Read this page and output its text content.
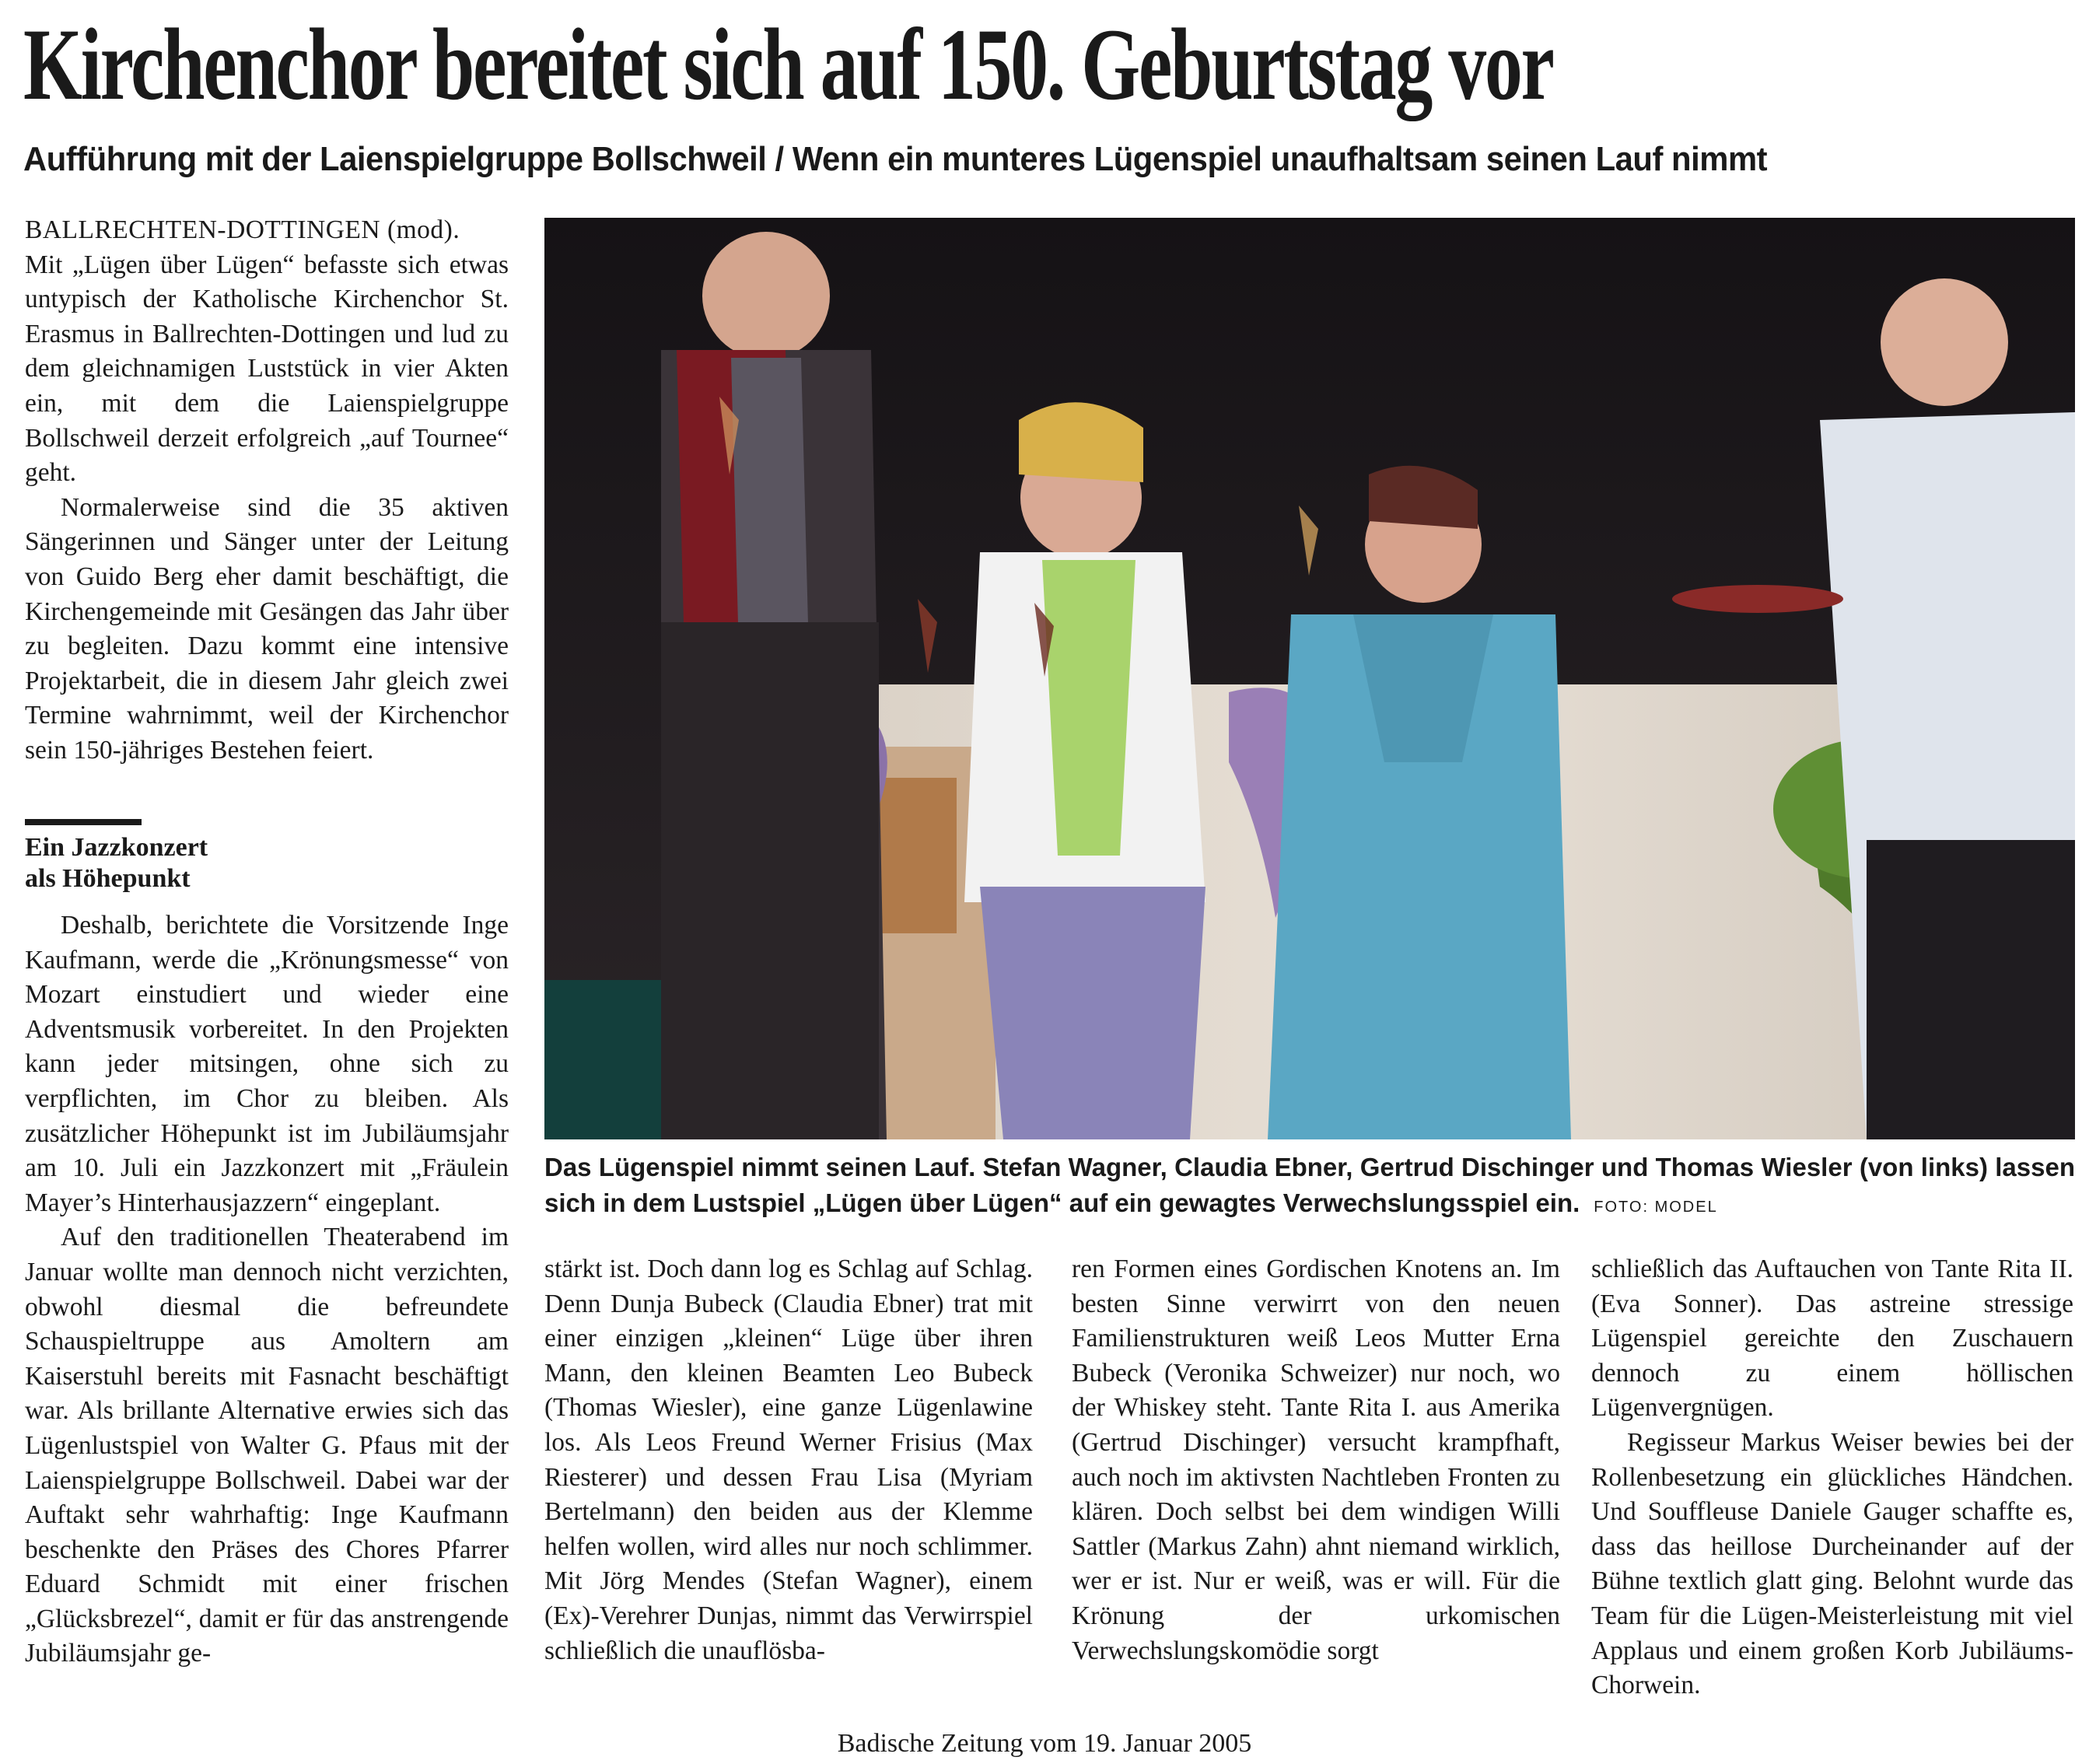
Kirchenchor bereitet sich auf 150. Geburtstag vor
Aufführung mit der Laienspielgruppe Bollschweil / Wenn ein munteres Lügenspiel unaufhaltsam seinen Lauf nimmt

BALLRECHTEN-DOTTINGEN (mod).

Mit „Lügen über Lügen“ befasste sich etwas untypisch der Katholische Kirchenchor St. Erasmus in Ballrechten-Dottingen und lud zu dem gleichnamigen Luststück in vier Akten ein, mit dem die Laienspielgruppe Bollschweil derzeit erfolgreich „auf Tournee“ geht.

Normalerweise sind die 35 aktiven Sängerinnen und Sänger unter der Leitung von Guido Berg eher damit beschäftigt, die Kirchengemeinde mit Gesängen das Jahr über zu begleiten. Dazu kommt eine intensive Projektarbeit, die in diesem Jahr gleich zwei Termine wahrnimmt, weil der Kirchenchor sein 150-jähriges Bestehen feiert.

Ein Jazzkonzert
als Höhepunkt

Deshalb, berichtete die Vorsitzende Inge Kaufmann, werde die „Krönungsmesse“ von Mozart einstudiert und wieder eine Adventsmusik vorbereitet. In den Projekten kann jeder mitsingen, ohne sich zu verpflichten, im Chor zu bleiben. Als zusätzlicher Höhepunkt ist im Jubiläumsjahr am 10. Juli ein Jazzkonzert mit „Fräulein Mayer’s Hinterhausjazzern“ eingeplant.

Auf den traditionellen Theaterabend im Januar wollte man dennoch nicht verzichten, obwohl diesmal die befreundete Schauspieltruppe aus Amoltern am Kaiserstuhl bereits mit Fasnacht beschäftigt war. Als brillante Alternative erwies sich das Lügenlustspiel von Walter G. Pfaus mit der Laienspielgruppe Bollschweil. Dabei war der Auftakt sehr wahrhaftig: Inge Kaufmann beschenkte den Präses des Chores Pfarrer Eduard Schmidt mit einer frischen „Glücksbrezel“, damit er für das anstrengende Jubiläumsjahr ge-

Das Lügenspiel nimmt seinen Lauf. Stefan Wagner, Claudia Ebner, Gertrud Dischinger und Thomas Wiesler (von links) lassen sich in dem Lustspiel „Lügen über Lügen“ auf ein gewagtes Verwechslungsspiel ein. FOTO: MODEL

stärkt ist. Doch dann log es Schlag auf Schlag. Denn Dunja Bubeck (Claudia Ebner) trat mit einer einzigen „kleinen“ Lüge über ihren Mann, den kleinen Beamten Leo Bubeck (Thomas Wiesler), eine ganze Lügenlawine los. Als Leos Freund Werner Frisius (Max Riesterer) und dessen Frau Lisa (Myriam Bertelmann) den beiden aus der Klemme helfen wollen, wird alles nur noch schlimmer. Mit Jörg Mendes (Stefan Wagner), einem (Ex)-Verehrer Dunjas, nimmt das Verwirrspiel schließlich die unauflösba-

ren Formen eines Gordischen Knotens an. Im besten Sinne verwirrt von den neuen Familienstrukturen weiß Leos Mutter Erna Bubeck (Veronika Schweizer) nur noch, wo der Whiskey steht. Tante Rita I. aus Amerika (Gertrud Dischinger) versucht krampfhaft, auch noch im aktivsten Nachtleben Fronten zu klären. Doch selbst bei dem windigen Willi Sattler (Markus Zahn) ahnt niemand wirklich, wer er ist. Nur er weiß, was er will. Für die Krönung der urkomischen Verwechslungskomödie sorgt

schließlich das Auftauchen von Tante Rita II. (Eva Sonner). Das astreine stressige Lügenspiel gereichte den Zuschauern dennoch zu einem höllischen Lügenvergnügen.

Regisseur Markus Weiser bewies bei der Rollenbesetzung ein glückliches Händchen. Und Souffleuse Daniele Gauger schaffte es, dass das heillose Durcheinander auf der Bühne textlich glatt ging. Belohnt wurde das Team für die Lügen-Meisterleistung mit viel Applaus und einem großen Korb Jubiläums-Chorwein.

Badische Zeitung vom 19. Januar 2005
